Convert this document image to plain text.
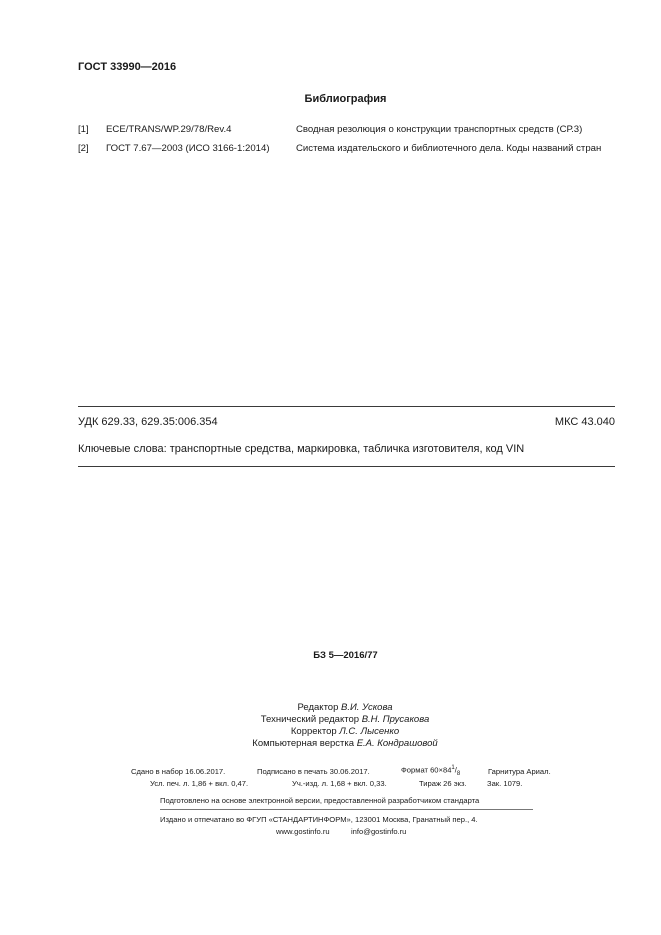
ГОСТ 33990—2016
Библиография
[1] ECE/TRANS/WP.29/78/Rev.4	Сводная резолюция о конструкции транспортных средств (СР.3)
[2] ГОСТ 7.67—2003 (ИСО 3166-1:2014)	Система издательского и библиотечного дела. Коды названий стран
УДК 629.33, 629.35:006.354	МКС 43.040
Ключевые слова: транспортные средства, маркировка, табличка изготовителя, код VIN
БЗ 5—2016/77
Редактор В.И. Ускова
Технический редактор В.Н. Прусакова
Корректор Л.С. Лысенко
Компьютерная верстка Е.А. Кондрашовой
Сдано в набор 16.06.2017.	Подписано в печать 30.06.2017.	Формат $60\times 84^1/_8$	Гарнитура Ариал.
Усл. печ. л. 1,86 + вкл. 0,47.	Уч.-изд. л. 1,68 + вкл. 0,33.	Тираж 26 экз.	Зак. 1079.
Подготовлено на основе электронной версии, предоставленной разработчиком стандарта
Издано и отпечатано во ФГУП «СТАНДАРТИНФОРМ», 123001 Москва, Гранатный пер., 4.
www.gostinfo.ru	info@gostinfo.ru
